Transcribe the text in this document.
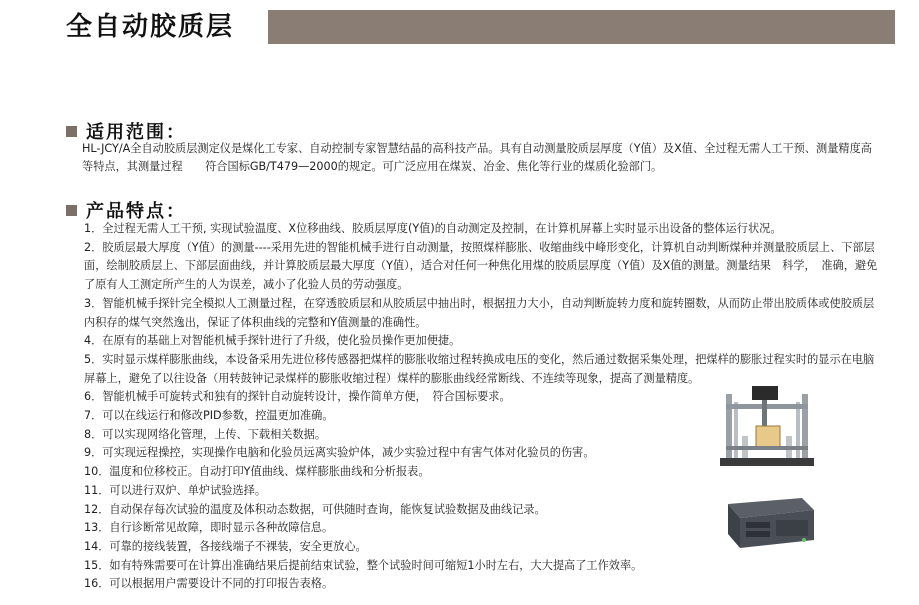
全自动胶质层
适用范围：
HL-JCY/A全自动胶质层测定仪是煤化工专家、自动控制专家智慧结晶的高科技产品。具有自动测量胶质层厚度（Y值）及X值、全过程无需人工干预、测量精度高等特点，其测量过程　　符合国标GB/T479—2000的规定。可广泛应用在煤炭、冶金、焦化等行业的煤质化验部门。
产品特点：
1．全过程无需人工干预, 实现试验温度、X位移曲线、胶质层厚度(Y值)的自动测定及控制，在计算机屏幕上实时显示出设备的整体运行状况。
2．胶质层最大厚度（Y值）的测量----采用先进的智能机械手进行自动测量，按照煤样膨胀、收缩曲线中峰形变化，计算机自动判断煤种并测量胶质层上、下部层面，绘制胶质层上、下部层面曲线，并计算胶质层最大厚度（Y值），适合对任何一种焦化用煤的胶质层厚度（Y值）及X值的测量。测量结果　科学，　准确，避免了原有人工测定所产生的人为误差，减小了化验人员的劳动强度。
3．智能机械手探针完全模拟人工测量过程，在穿透胶质层和从胶质层中抽出时，根据扭力大小，自动判断旋转力度和旋转圈数，从而防止带出胶质体或使胶质层内积存的煤气突然逸出，保证了体积曲线的完整和Y值测量的准确性。
4．在原有的基础上对智能机械手探针进行了升级，使化验员操作更加便捷。
5．实时显示煤样膨胀曲线，本设备采用先进位移传感器把煤样的膨胀收缩过程转换成电压的变化，然后通过数据采集处理，把煤样的膨胀过程实时的显示在电脑屏幕上，避免了以往设备（用转鼓钟记录煤样的膨胀收缩过程）煤样的膨胀曲线经常断线、不连续等现象，提高了测量精度。
6．智能机械手可旋转式和独有的探针自动旋转设计，操作简单方便，　符合国标要求。
7．可以在线运行和修改PID参数，控温更加准确。
8．可以实现网络化管理，上传、下载相关数据。
9．可实现远程操控，实现操作电脑和化验员远离实验炉体，减少实验过程中有害气体对化验员的伤害。
10．温度和位移校正。自动打印Y值曲线、煤样膨胀曲线和分析报表。
11．可以进行双炉、单炉试验选择。
12．自动保存每次试验的温度及体积动态数据，可供随时查询，能恢复试验数据及曲线记录。
13．自行诊断常见故障，即时显示各种故障信息。
14．可靠的接线装置，各接线端子不裸装，安全更放心。
15．如有特殊需要可在计算出准确结果后提前结束试验，整个试验时间可缩短1小时左右，大大提高了工作效率。
16．可以根据用户需要设计不同的打印报告表格。
